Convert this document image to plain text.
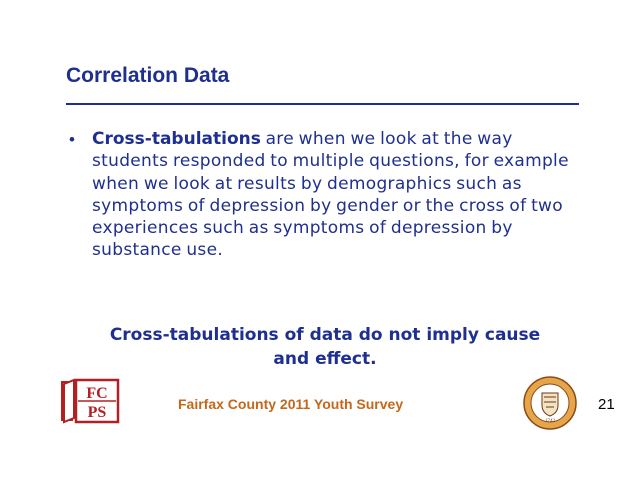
Correlation Data
• Cross-tabulations are when we look at the way students responded to multiple questions, for example when we look at results by demographics such as symptoms of depression by gender or the cross of two experiences such as symptoms of depression by substance use.
Cross-tabulations of data do not imply cause
and effect.
FC
PS	Fairfax County 2011 Youth Survey
1742
21
